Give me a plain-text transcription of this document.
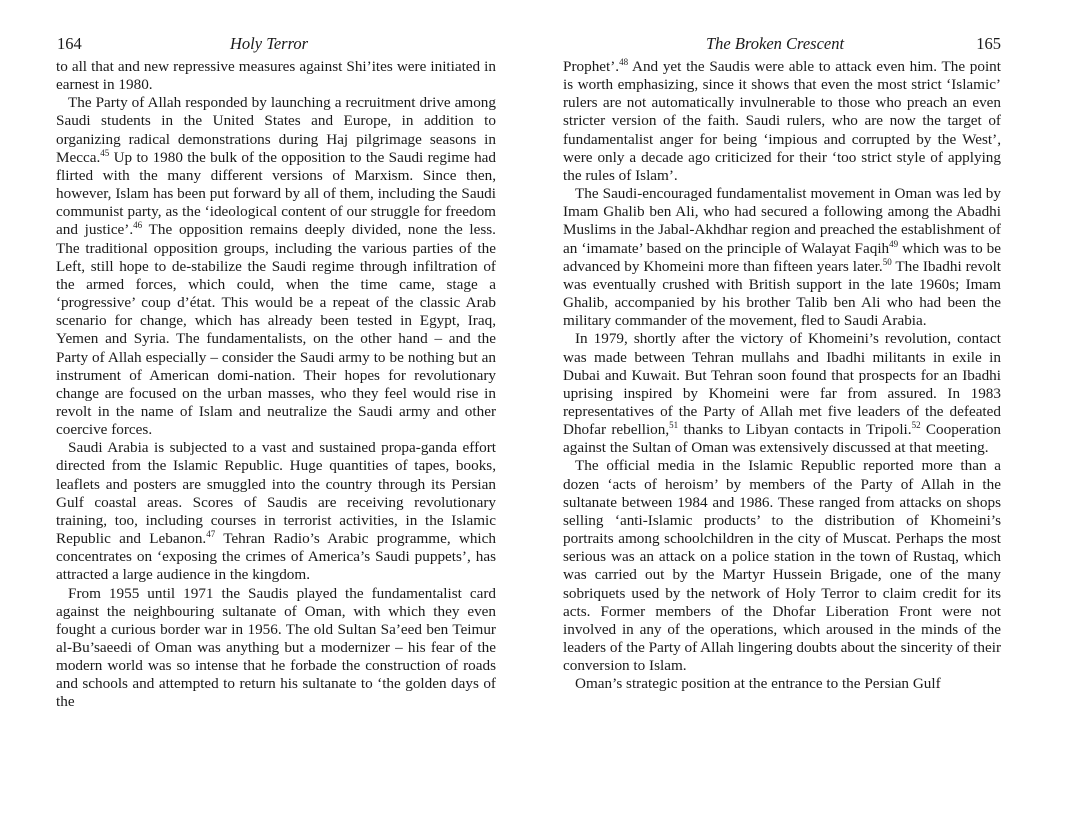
164	Holy Terror

to all that and new repressive measures against Shi’ites were initiated in earnest in 1980.

The Party of Allah responded by launching a recruitment drive among Saudi students in the United States and Europe, in addition to organizing radical demonstrations during Haj pilgrimage seasons in Mecca.$^{45}$ Up to 1980 the bulk of the opposition to the Saudi regime had flirted with the many different versions of Marxism. Since then, however, Islam has been put forward by all of them, including the Saudi communist party, as the ‘ideological content of our struggle for freedom and justice’.$^{46}$ The opposition remains deeply divided, none the less. The traditional opposition groups, including the various parties of the Left, still hope to de-stabilize the Saudi regime through infiltration of the armed forces, which could, when the time came, stage a ‘progressive’ coup d’état. This would be a repeat of the classic Arab scenario for change, which has already been tested in Egypt, Iraq, Yemen and Syria. The fundamentalists, on the other hand – and the Party of Allah especially – consider the Saudi army to be nothing but an instrument of American domi-nation. Their hopes for revolutionary change are focused on the urban masses, who they feel would rise in revolt in the name of Islam and neutralize the Saudi army and other coercive forces.

Saudi Arabia is subjected to a vast and sustained propa-ganda effort directed from the Islamic Republic. Huge quantities of tapes, books, leaflets and posters are smuggled into the country through its Persian Gulf coastal areas. Scores of Saudis are receiving revolutionary training, too, including courses in terrorist activities, in the Islamic Republic and Lebanon.$^{47}$ Tehran Radio’s Arabic programme, which concentrates on ‘exposing the crimes of America’s Saudi puppets’, has attracted a large audience in the kingdom.

From 1955 until 1971 the Saudis played the fundamentalist card against the neighbouring sultanate of Oman, with which they even fought a curious border war in 1956. The old Sultan Sa’eed ben Teimur al-Bu’saeedi of Oman was anything but a modernizer – his fear of the modern world was so intense that he forbade the construction of roads and schools and attempted to return his sultanate to ‘the golden days of the

The Broken Crescent	165

Prophet’.$^{48}$ And yet the Saudis were able to attack even him. The point is worth emphasizing, since it shows that even the most strict ‘Islamic’ rulers are not automatically invulnerable to those who preach an even stricter version of the faith. Saudi rulers, who are now the target of fundamentalist anger for being ‘impious and corrupted by the West’, were only a decade ago criticized for their ‘too strict style of applying the rules of Islam’.

The Saudi-encouraged fundamentalist movement in Oman was led by Imam Ghalib ben Ali, who had secured a following among the Abadhi Muslims in the Jabal-Akhdhar region and preached the establishment of an ‘imamate’ based on the principle of Walayat Faqih$^{49}$ which was to be advanced by Khomeini more than fifteen years later.$^{50}$ The Ibadhi revolt was eventually crushed with British support in the late 1960s; Imam Ghalib, accompanied by his brother Talib ben Ali who had been the military commander of the movement, fled to Saudi Arabia.

In 1979, shortly after the victory of Khomeini’s revolution, contact was made between Tehran mullahs and Ibadhi militants in exile in Dubai and Kuwait. But Tehran soon found that prospects for an Ibadhi uprising inspired by Khomeini were far from assured. In 1983 representatives of the Party of Allah met five leaders of the defeated Dhofar rebellion,$^{51}$ thanks to Libyan contacts in Tripoli.$^{52}$ Cooperation against the Sultan of Oman was extensively discussed at that meeting.

The official media in the Islamic Republic reported more than a dozen ‘acts of heroism’ by members of the Party of Allah in the sultanate between 1984 and 1986. These ranged from attacks on shops selling ‘anti-Islamic products’ to the distribution of Khomeini’s portraits among schoolchildren in the city of Muscat. Perhaps the most serious was an attack on a police station in the town of Rustaq, which was carried out by the Martyr Hussein Brigade, one of the many sobriquets used by the network of Holy Terror to claim credit for its acts. Former members of the Dhofar Liberation Front were not involved in any of the operations, which aroused in the minds of the leaders of the Party of Allah lingering doubts about the sincerity of their conversion to Islam.

Oman’s strategic position at the entrance to the Persian Gulf
